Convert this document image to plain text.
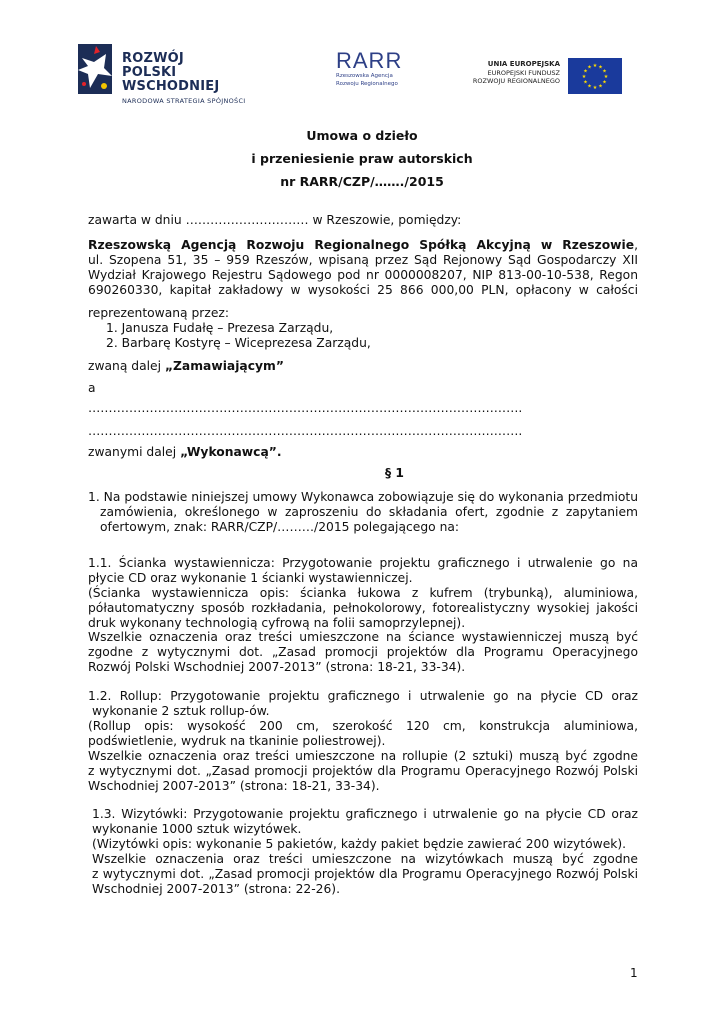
ROZWÓJ
POLSKI WSCHODNIEJ
NARODOWA STRATEGIA SPÓJNOŚCI
RARR
Rzeszowska Agencja
Rozwoju Regionalnego
UNIA EUROPEJSKA
EUROPEJSKI FUNDUSZ
ROZWOJU REGIONALNEGO	★
★
★
★
★
★
★
★
★ ★ ★
★
Umowa o dzieło
i przeniesienie praw autorskich
nr RARR/CZP/……./2015
zawarta w dniu ………………………… w Rzeszowie, pomiędzy:
Rzeszowską Agencją Rozwoju Regionalnego Spółką Akcyjną w Rzeszowie,
ul. Szopena 51, 35 – 959 Rzeszów, wpisaną przez Sąd Rejonowy Sąd Gospodarczy XII
Wydział Krajowego Rejestru Sądowego pod nr 0000008207, NIP 813-00-10-538, Regon
690260330, kapitał zakładowy w wysokości 25 866 000,00 PLN, opłacony w całości
reprezentowaną przez:
1. Janusza Fudałę – Prezesa Zarządu,
2. Barbarę Kostyrę – Wiceprezesa Zarządu,
zwaną dalej „Zamawiającym”
a
…………………………………………………………………………………………….
…………………………………………………………………………………………….
zwanymi dalej „Wykonawcą”.
§ 1
1. Na podstawie niniejszej umowy Wykonawca zobowiązuje się do wykonania przedmiotu
zamówienia, określonego w zaproszeniu do składania ofert, zgodnie z zapytaniem
ofertowym, znak: RARR/CZP/………/2015 polegającego na:
1.1. Ścianka wystawiennicza: Przygotowanie projektu graficznego i utrwalenie go na
płycie CD oraz wykonanie 1 ścianki wystawienniczej.
(Ścianka wystawiennicza opis: ścianka łukowa z kufrem (trybunką), aluminiowa,
półautomatyczny sposób rozkładania, pełnokolorowy, fotorealistyczny wysokiej jakości
druk wykonany technologią cyfrową na folii samoprzylepnej).
Wszelkie oznaczenia oraz treści umieszczone na ściance wystawienniczej muszą być
zgodne z wytycznymi dot. „Zasad promocji projektów dla Programu Operacyjnego
Rozwój Polski Wschodniej 2007-2013” (strona: 18-21, 33-34).
1.2. Rollup: Przygotowanie projektu graficznego i utrwalenie go na płycie CD oraz
wykonanie 2 sztuk rollup-ów.
(Rollup opis: wysokość 200 cm, szerokość 120 cm, konstrukcja aluminiowa,
podświetlenie, wydruk na tkaninie poliestrowej).
Wszelkie oznaczenia oraz treści umieszczone na rollupie (2 sztuki) muszą być zgodne
z wytycznymi dot. „Zasad promocji projektów dla Programu Operacyjnego Rozwój Polski
Wschodniej 2007-2013” (strona: 18-21, 33-34).
1.3. Wizytówki: Przygotowanie projektu graficznego i utrwalenie go na płycie CD oraz
wykonanie 1000 sztuk wizytówek.
(Wizytówki opis: wykonanie 5 pakietów, każdy pakiet będzie zawierać 200 wizytówek).
Wszelkie oznaczenia oraz treści umieszczone na wizytówkach muszą być zgodne
z wytycznymi dot. „Zasad promocji projektów dla Programu Operacyjnego Rozwój Polski
Wschodniej 2007-2013” (strona: 22-26).
1
